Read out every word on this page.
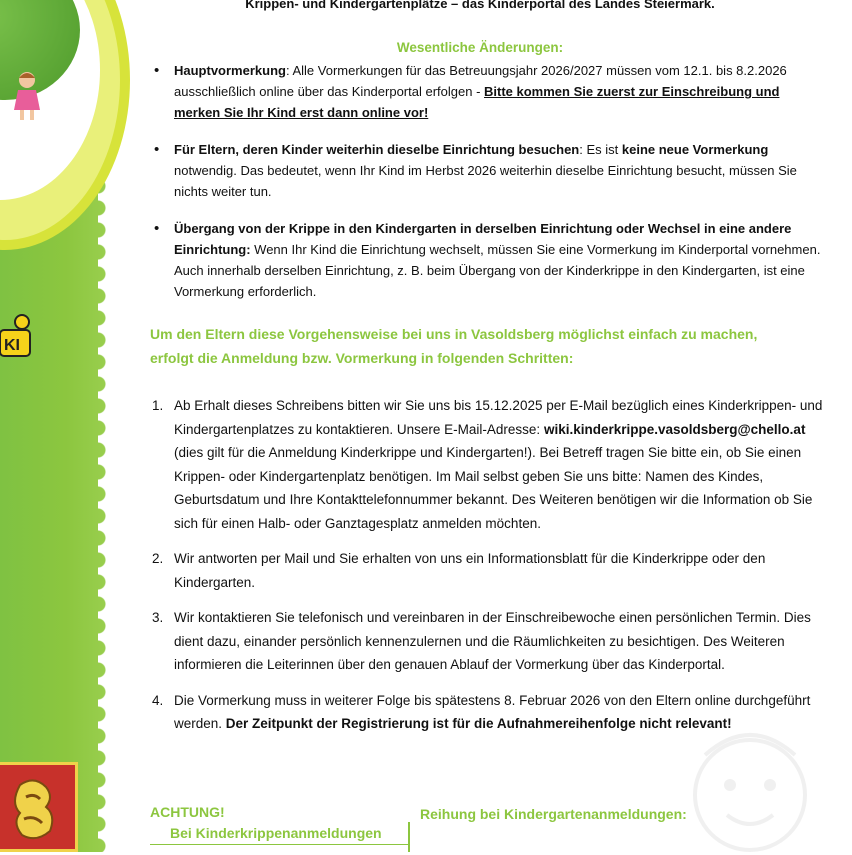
KI

Krippen- und Kindergartenplätze – das Kinderportal des Landes Steiermark.

Wesentliche Änderungen:
• Hauptvormerkung: Alle Vormerkungen für das Betreuungsjahr 2026/2027 müssen vom 12.1. bis 8.2.2026 ausschließlich online über das Kinderportal erfolgen - Bitte kommen Sie zuerst zur Einschreibung und merken Sie Ihr Kind erst dann online vor!
• Für Eltern, deren Kinder weiterhin dieselbe Einrichtung besuchen: Es ist keine neue Vormerkung notwendig. Das bedeutet, wenn Ihr Kind im Herbst 2026 weiterhin dieselbe Einrichtung besucht, müssen Sie nichts weiter tun.
• Übergang von der Krippe in den Kindergarten in derselben Einrichtung oder Wechsel in eine andere Einrichtung: Wenn Ihr Kind die Einrichtung wechselt, müssen Sie eine Vormerkung im Kinderportal vornehmen. Auch innerhalb derselben Einrichtung, z. B. beim Übergang von der Kinderkrippe in den Kindergarten, ist eine Vormerkung erforderlich.
Um den Eltern diese Vorgehensweise bei uns in Vasoldsberg möglichst einfach zu machen, erfolgt die Anmeldung bzw. Vormerkung in folgenden Schritten:
1. Ab Erhalt dieses Schreibens bitten wir Sie uns bis 15.12.2025 per E-Mail bezüglich eines Kinderkrippen- und Kindergartenplatzes zu kontaktieren. Unsere E-Mail-Adresse: wiki.kinderkrippe.vasoldsberg@chello.at (dies gilt für die Anmeldung Kinderkrippe und Kindergarten!). Bei Betreff tragen Sie bitte ein, ob Sie einen Krippen- oder Kindergartenplatz benötigen. Im Mail selbst geben Sie uns bitte: Namen des Kindes, Geburtsdatum und Ihre Kontakttelefonnummer bekannt. Des Weiteren benötigen wir die Information ob Sie sich für einen Halb- oder Ganztagesplatz anmelden möchten.
2. Wir antworten per Mail und Sie erhalten von uns ein Informationsblatt für die Kinderkrippe oder den Kindergarten.
3. Wir kontaktieren Sie telefonisch und vereinbaren in der Einschreibewoche einen persönlichen Termin. Dies dient dazu, einander persönlich kennenzulernen und die Räumlichkeiten zu besichtigen. Des Weiteren informieren die Leiterinnen über den genauen Ablauf der Vormerkung über das Kinderportal.
4. Die Vormerkung muss in weiterer Folge bis spätestens 8. Februar 2026 von den Eltern online durchgeführt werden. Der Zeitpunkt der Registrierung ist für die Aufnahmereihenfolge nicht relevant!
ACHTUNG!
Bei Kinderkrippenanmeldungen
Reihung bei Kindergartenanmeldungen:
